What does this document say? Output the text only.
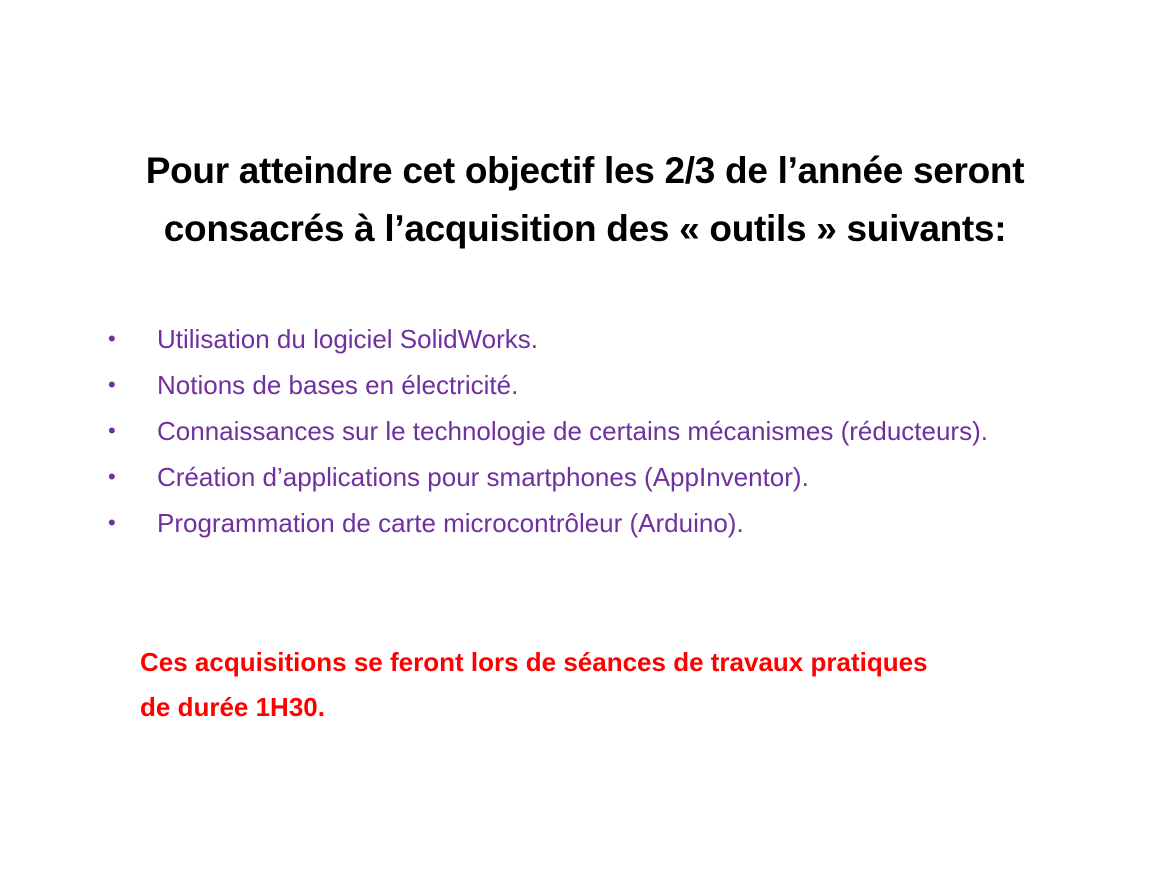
Pour atteindre cet objectif les 2/3 de l’année seront
consacrés à l’acquisition des « outils » suivants:
• Utilisation du logiciel SolidWorks.
• Notions de bases en électricité.
• Connaissances sur le technologie de certains mécanismes (réducteurs).
• Création d’applications pour smartphones (AppInventor).
• Programmation de carte microcontrôleur (Arduino).
Ces acquisitions se feront lors de séances de travaux pratiques
de durée 1H30.
